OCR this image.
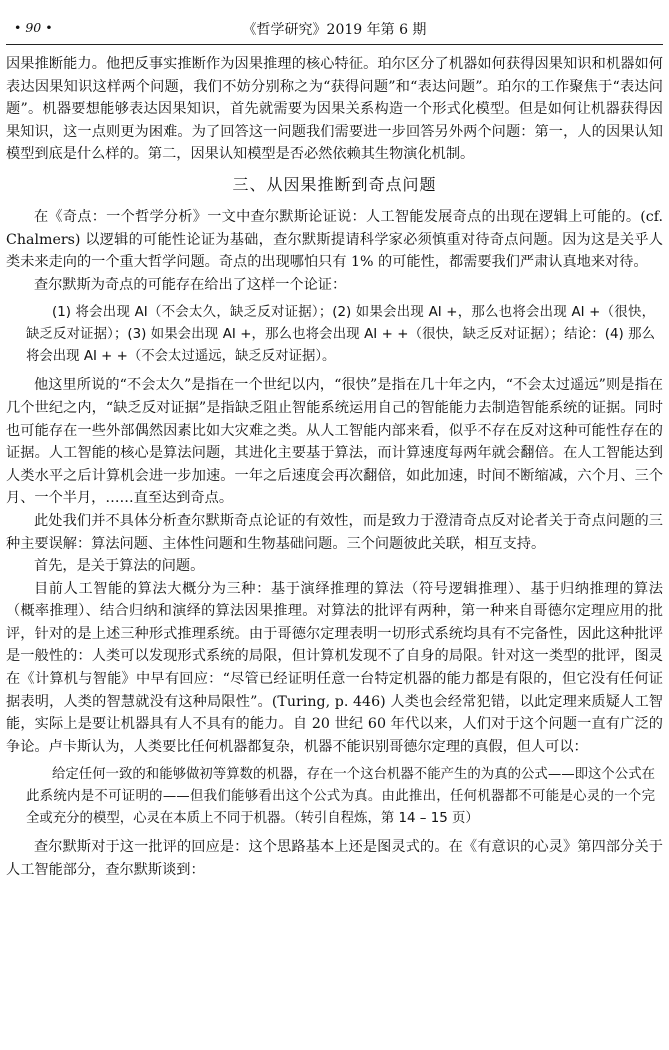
• 90 •	《哲学研究》2019 年第 6 期

因果推断能力。他把反事实推断作为因果推理的核心特征。珀尔区分了机器如何获得因果知识和机器如何表达因果知识这样两个问题，我们不妨分别称之为“获得问题”和“表达问题”。珀尔的工作聚焦于“表达问题”。机器要想能够表达因果知识，首先就需要为因果关系构造一个形式化模型。但是如何让机器获得因果知识，这一点则更为困难。为了回答这一问题我们需要进一步回答另外两个问题：第一，人的因果认知模型到底是什么样的。第二，因果认知模型是否必然依赖其生物演化机制。

三、从因果推断到奇点问题

在《奇点：一个哲学分析》一文中查尔默斯论证说：人工智能发展奇点的出现在逻辑上可能的。(cf. Chalmers) 以逻辑的可能性论证为基础，查尔默斯提请科学家必须慎重对待奇点问题。因为这是关乎人类未来走向的一个重大哲学问题。奇点的出现哪怕只有 1% 的可能性，都需要我们严肃认真地来对待。

查尔默斯为奇点的可能存在给出了这样一个论证：

(1) 将会出现 AI（不会太久，缺乏反对证据）；(2) 如果会出现 AI +，那么也将会出现 AI +（很快，缺乏反对证据）；(3) 如果会出现 AI +，那么也将会出现 AI + +（很快，缺乏反对证据）；结论：(4) 那么将会出现 AI + +（不会太过遥远，缺乏反对证据）。

他这里所说的“不会太久”是指在一个世纪以内，“很快”是指在几十年之内，“不会太过遥远”则是指在几个世纪之内，“缺乏反对证据”是指缺乏阻止智能系统运用自己的智能能力去制造智能系统的证据。同时也可能存在一些外部偶然因素比如大灾难之类。从人工智能内部来看，似乎不存在反对这种可能性存在的证据。人工智能的核心是算法问题，其进化主要基于算法，而计算速度每两年就会翻倍。在人工智能达到人类水平之后计算机会进一步加速。一年之后速度会再次翻倍，如此加速，时间不断缩减，六个月、三个月、一个半月，……直至达到奇点。

此处我们并不具体分析查尔默斯奇点论证的有效性，而是致力于澄清奇点反对论者关于奇点问题的三种主要误解：算法问题、主体性问题和生物基础问题。三个问题彼此关联，相互支持。

首先，是关于算法的问题。

目前人工智能的算法大概分为三种：基于演绎推理的算法（符号逻辑推理）、基于归纳推理的算法（概率推理）、结合归纳和演绎的算法因果推理。对算法的批评有两种，第一种来自哥德尔定理应用的批评，针对的是上述三种形式推理系统。由于哥德尔定理表明一切形式系统均具有不完备性，因此这种批评是一般性的：人类可以发现形式系统的局限，但计算机发现不了自身的局限。针对这一类型的批评，图灵在《计算机与智能》中早有回应：“尽管已经证明任意一台特定机器的能力都是有限的，但它没有任何证据表明，人类的智慧就没有这种局限性”。(Turing, p. 446) 人类也会经常犯错，以此定理来质疑人工智能，实际上是要让机器具有人不具有的能力。自 20 世纪 60 年代以来，人们对于这个问题一直有广泛的争论。卢卡斯认为，人类要比任何机器都复杂，机器不能识别哥德尔定理的真假，但人可以：

给定任何一致的和能够做初等算数的机器，存在一个这台机器不能产生的为真的公式——即这个公式在此系统内是不可证明的——但我们能够看出这个公式为真。由此推出，任何机器都不可能是心灵的一个完全或充分的模型，心灵在本质上不同于机器。（转引自程炼，第 14 – 15 页）

查尔默斯对于这一批评的回应是：这个思路基本上还是图灵式的。在《有意识的心灵》第四部分关于人工智能部分，查尔默斯谈到：
